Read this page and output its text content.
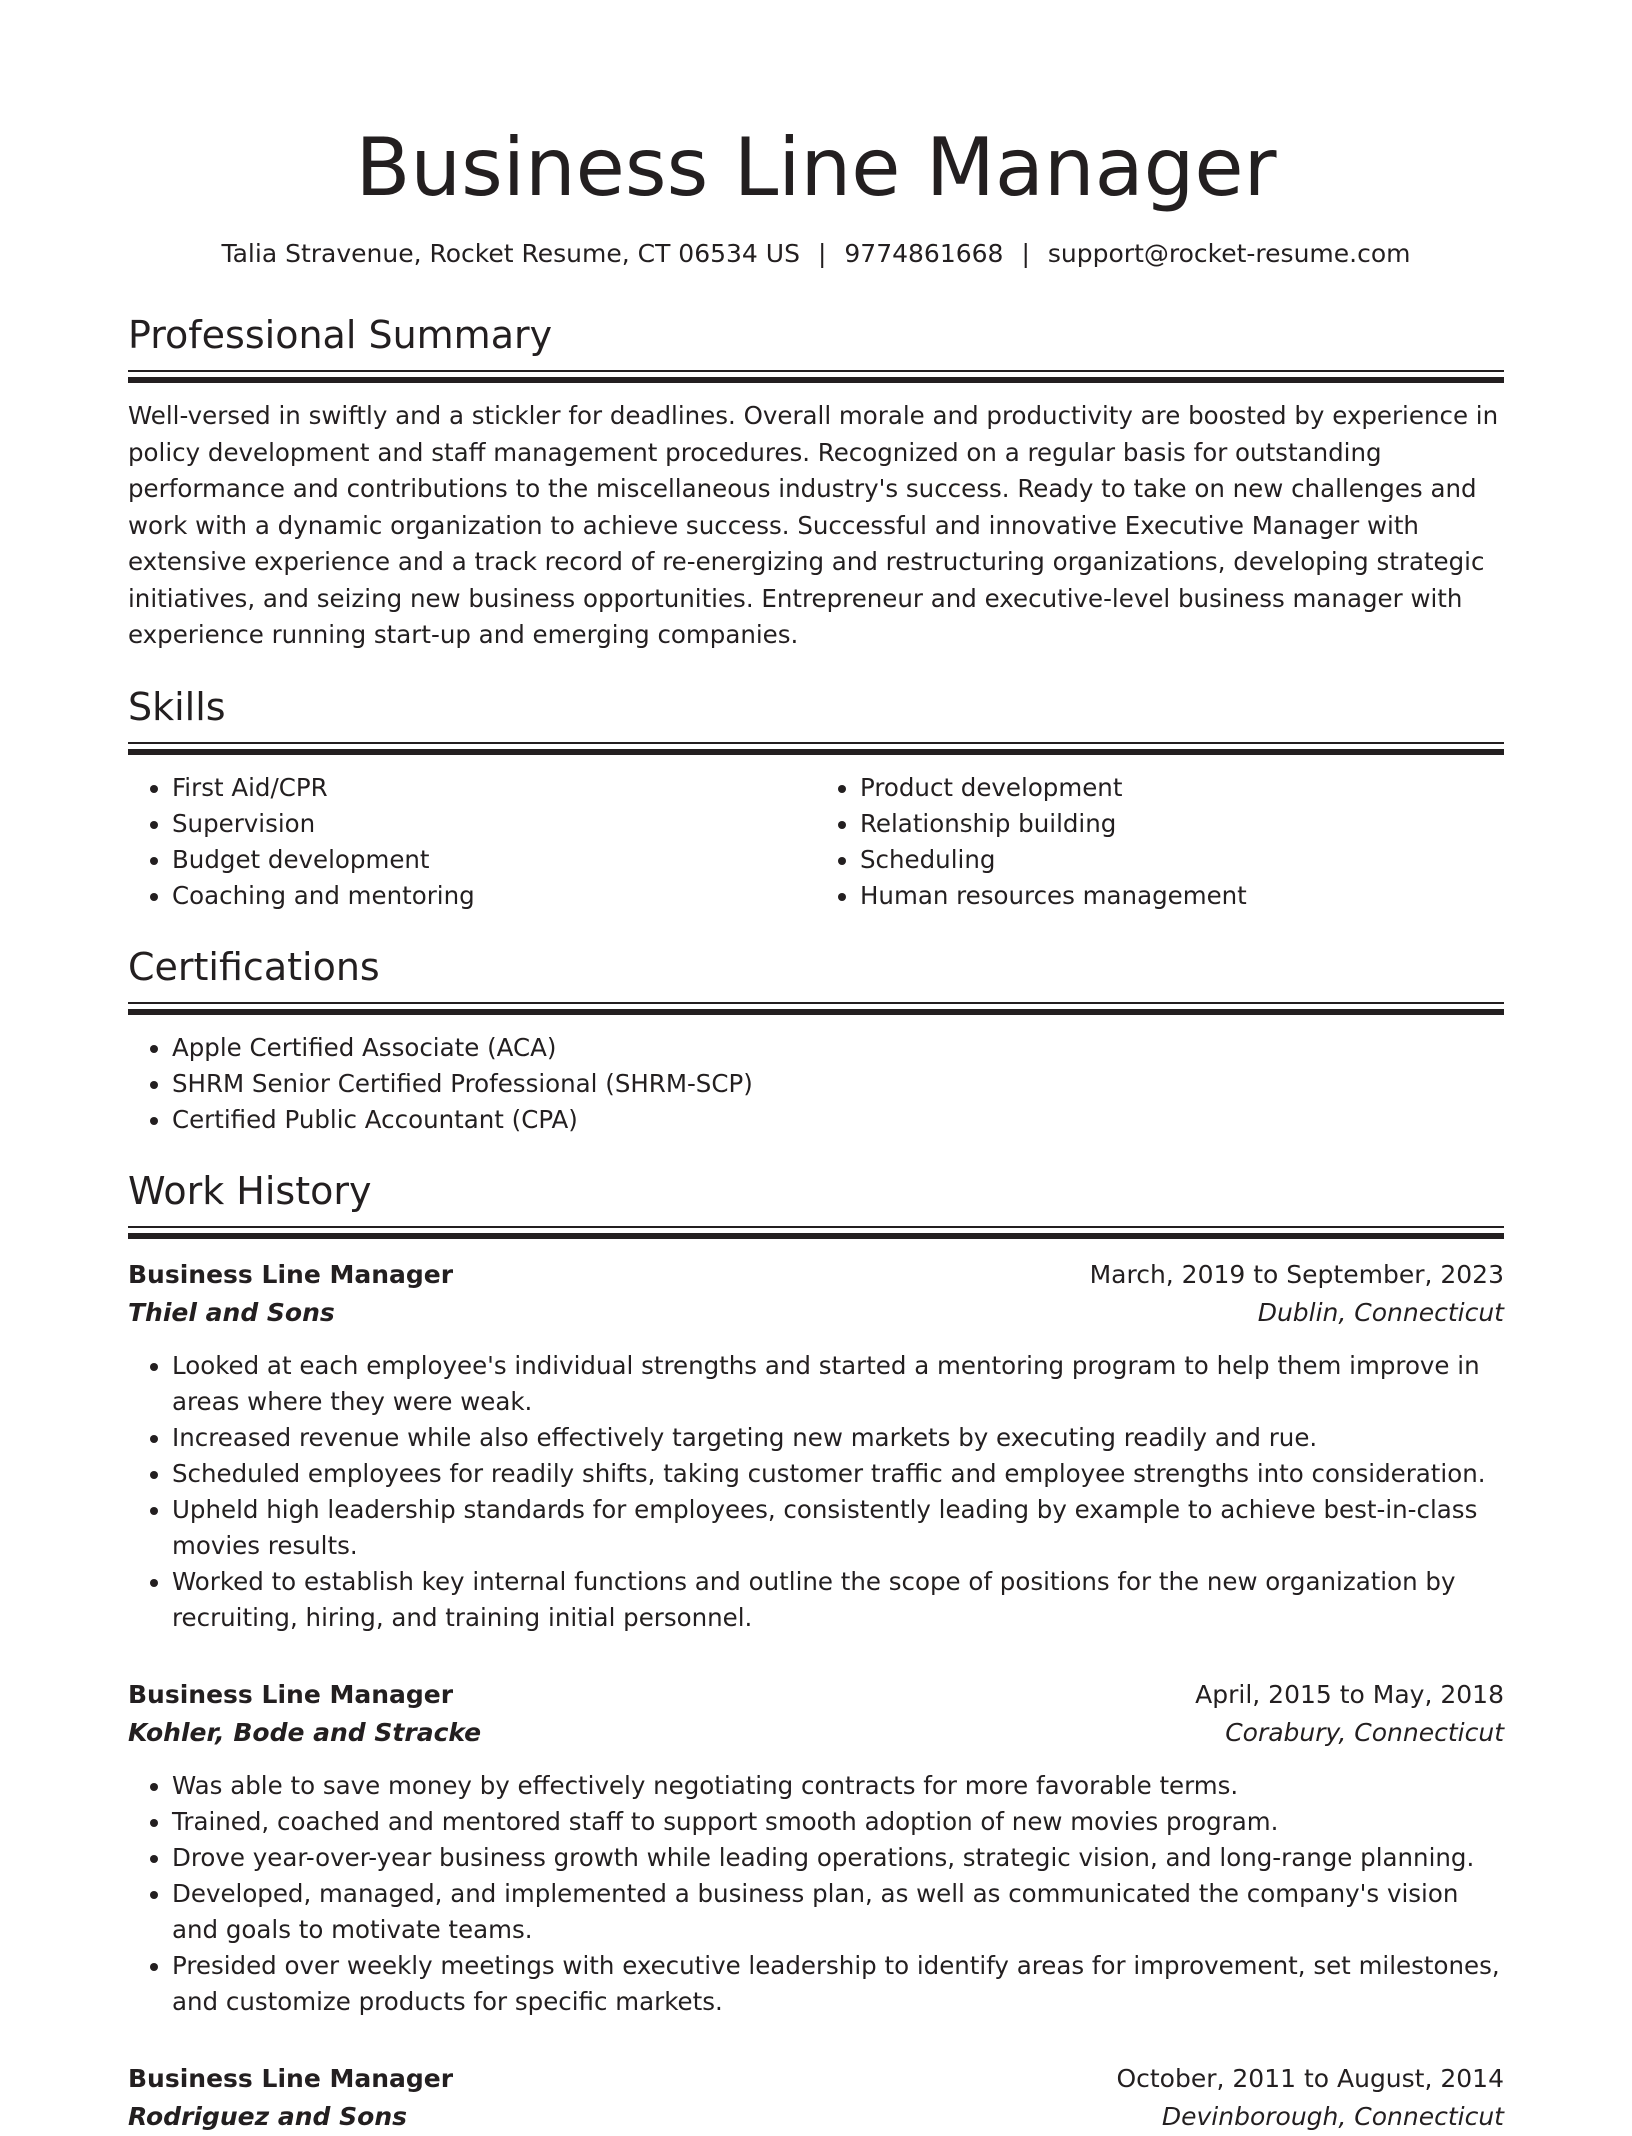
Business Line Manager
Talia Stravenue, Rocket Resume, CT 06534 US | 9774861668 | support@rocket-resume.com
Professional Summary
Well-versed in swiftly and a stickler for deadlines. Overall morale and productivity are boosted by experience in policy development and staff management procedures. Recognized on a regular basis for outstanding performance and contributions to the miscellaneous industry's success. Ready to take on new challenges and work with a dynamic organization to achieve success. Successful and innovative Executive Manager with extensive experience and a track record of re-energizing and restructuring organizations, developing strategic initiatives, and seizing new business opportunities. Entrepreneur and executive-level business manager with experience running start-up and emerging companies.
Skills
• First Aid/CPR
• Supervision
• Budget development
• Coaching and mentoring
• Product development
• Relationship building
• Scheduling
• Human resources management
Certifications
• Apple Certified Associate (ACA)
• SHRM Senior Certified Professional (SHRM-SCP)
• Certified Public Accountant (CPA)
Work History
Business Line Manager	March, 2019 to September, 2023
Thiel and Sons	Dublin, Connecticut
• Looked at each employee's individual strengths and started a mentoring program to help them improve in areas where they were weak.
• Increased revenue while also effectively targeting new markets by executing readily and rue.
• Scheduled employees for readily shifts, taking customer traffic and employee strengths into consideration.
• Upheld high leadership standards for employees, consistently leading by example to achieve best-in-class movies results.
• Worked to establish key internal functions and outline the scope of positions for the new organization by recruiting, hiring, and training initial personnel.
Business Line Manager	April, 2015 to May, 2018
Kohler, Bode and Stracke	Corabury, Connecticut
• Was able to save money by effectively negotiating contracts for more favorable terms.
• Trained, coached and mentored staff to support smooth adoption of new movies program.
• Drove year-over-year business growth while leading operations, strategic vision, and long-range planning.
• Developed, managed, and implemented a business plan, as well as communicated the company's vision and goals to motivate teams.
• Presided over weekly meetings with executive leadership to identify areas for improvement, set milestones, and customize products for specific markets.
Business Line Manager	October, 2011 to August, 2014
Rodriguez and Sons	Devinborough, Connecticut
